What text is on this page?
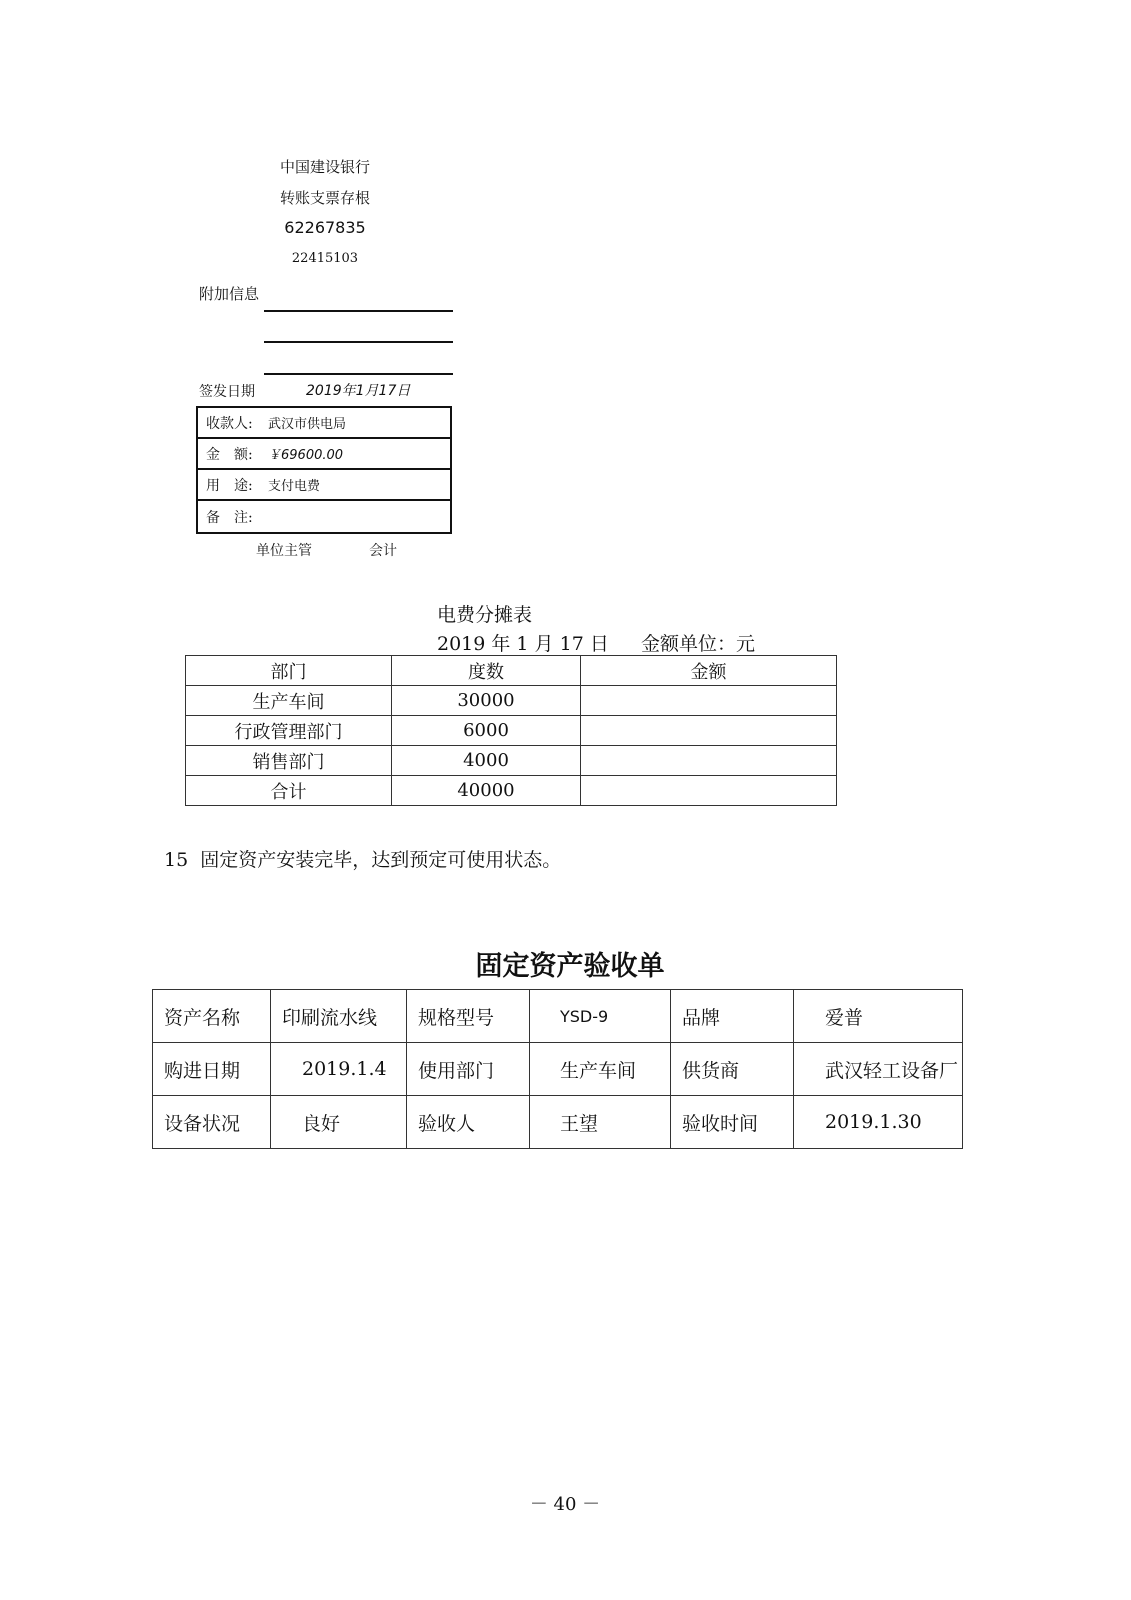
中国建设银行
转账支票存根
62267835
22415103
附加信息
签发日期	2019年1月17日
收款人:	武汉市供电局
金　额:	￥69600.00
用　途:	支付电费
备　注:
单位主管	会计
电费分摊表
2019 年 1 月 17 日 金额单位：元
部门	度数	金额
生产车间	30000	
行政管理部门	6000	
销售部门	4000	
合计	40000	
15  固定资产安装完毕，达到预定可使用状态。
固定资产验收单
资产名称	印刷流水线	规格型号	YSD-9	品牌	爱普
购进日期	2019.1.4	使用部门	生产车间	供货商	武汉轻工设备厂
设备状况	良好	验收人	王望	验收时间	2019.1.30
－ 40 －
